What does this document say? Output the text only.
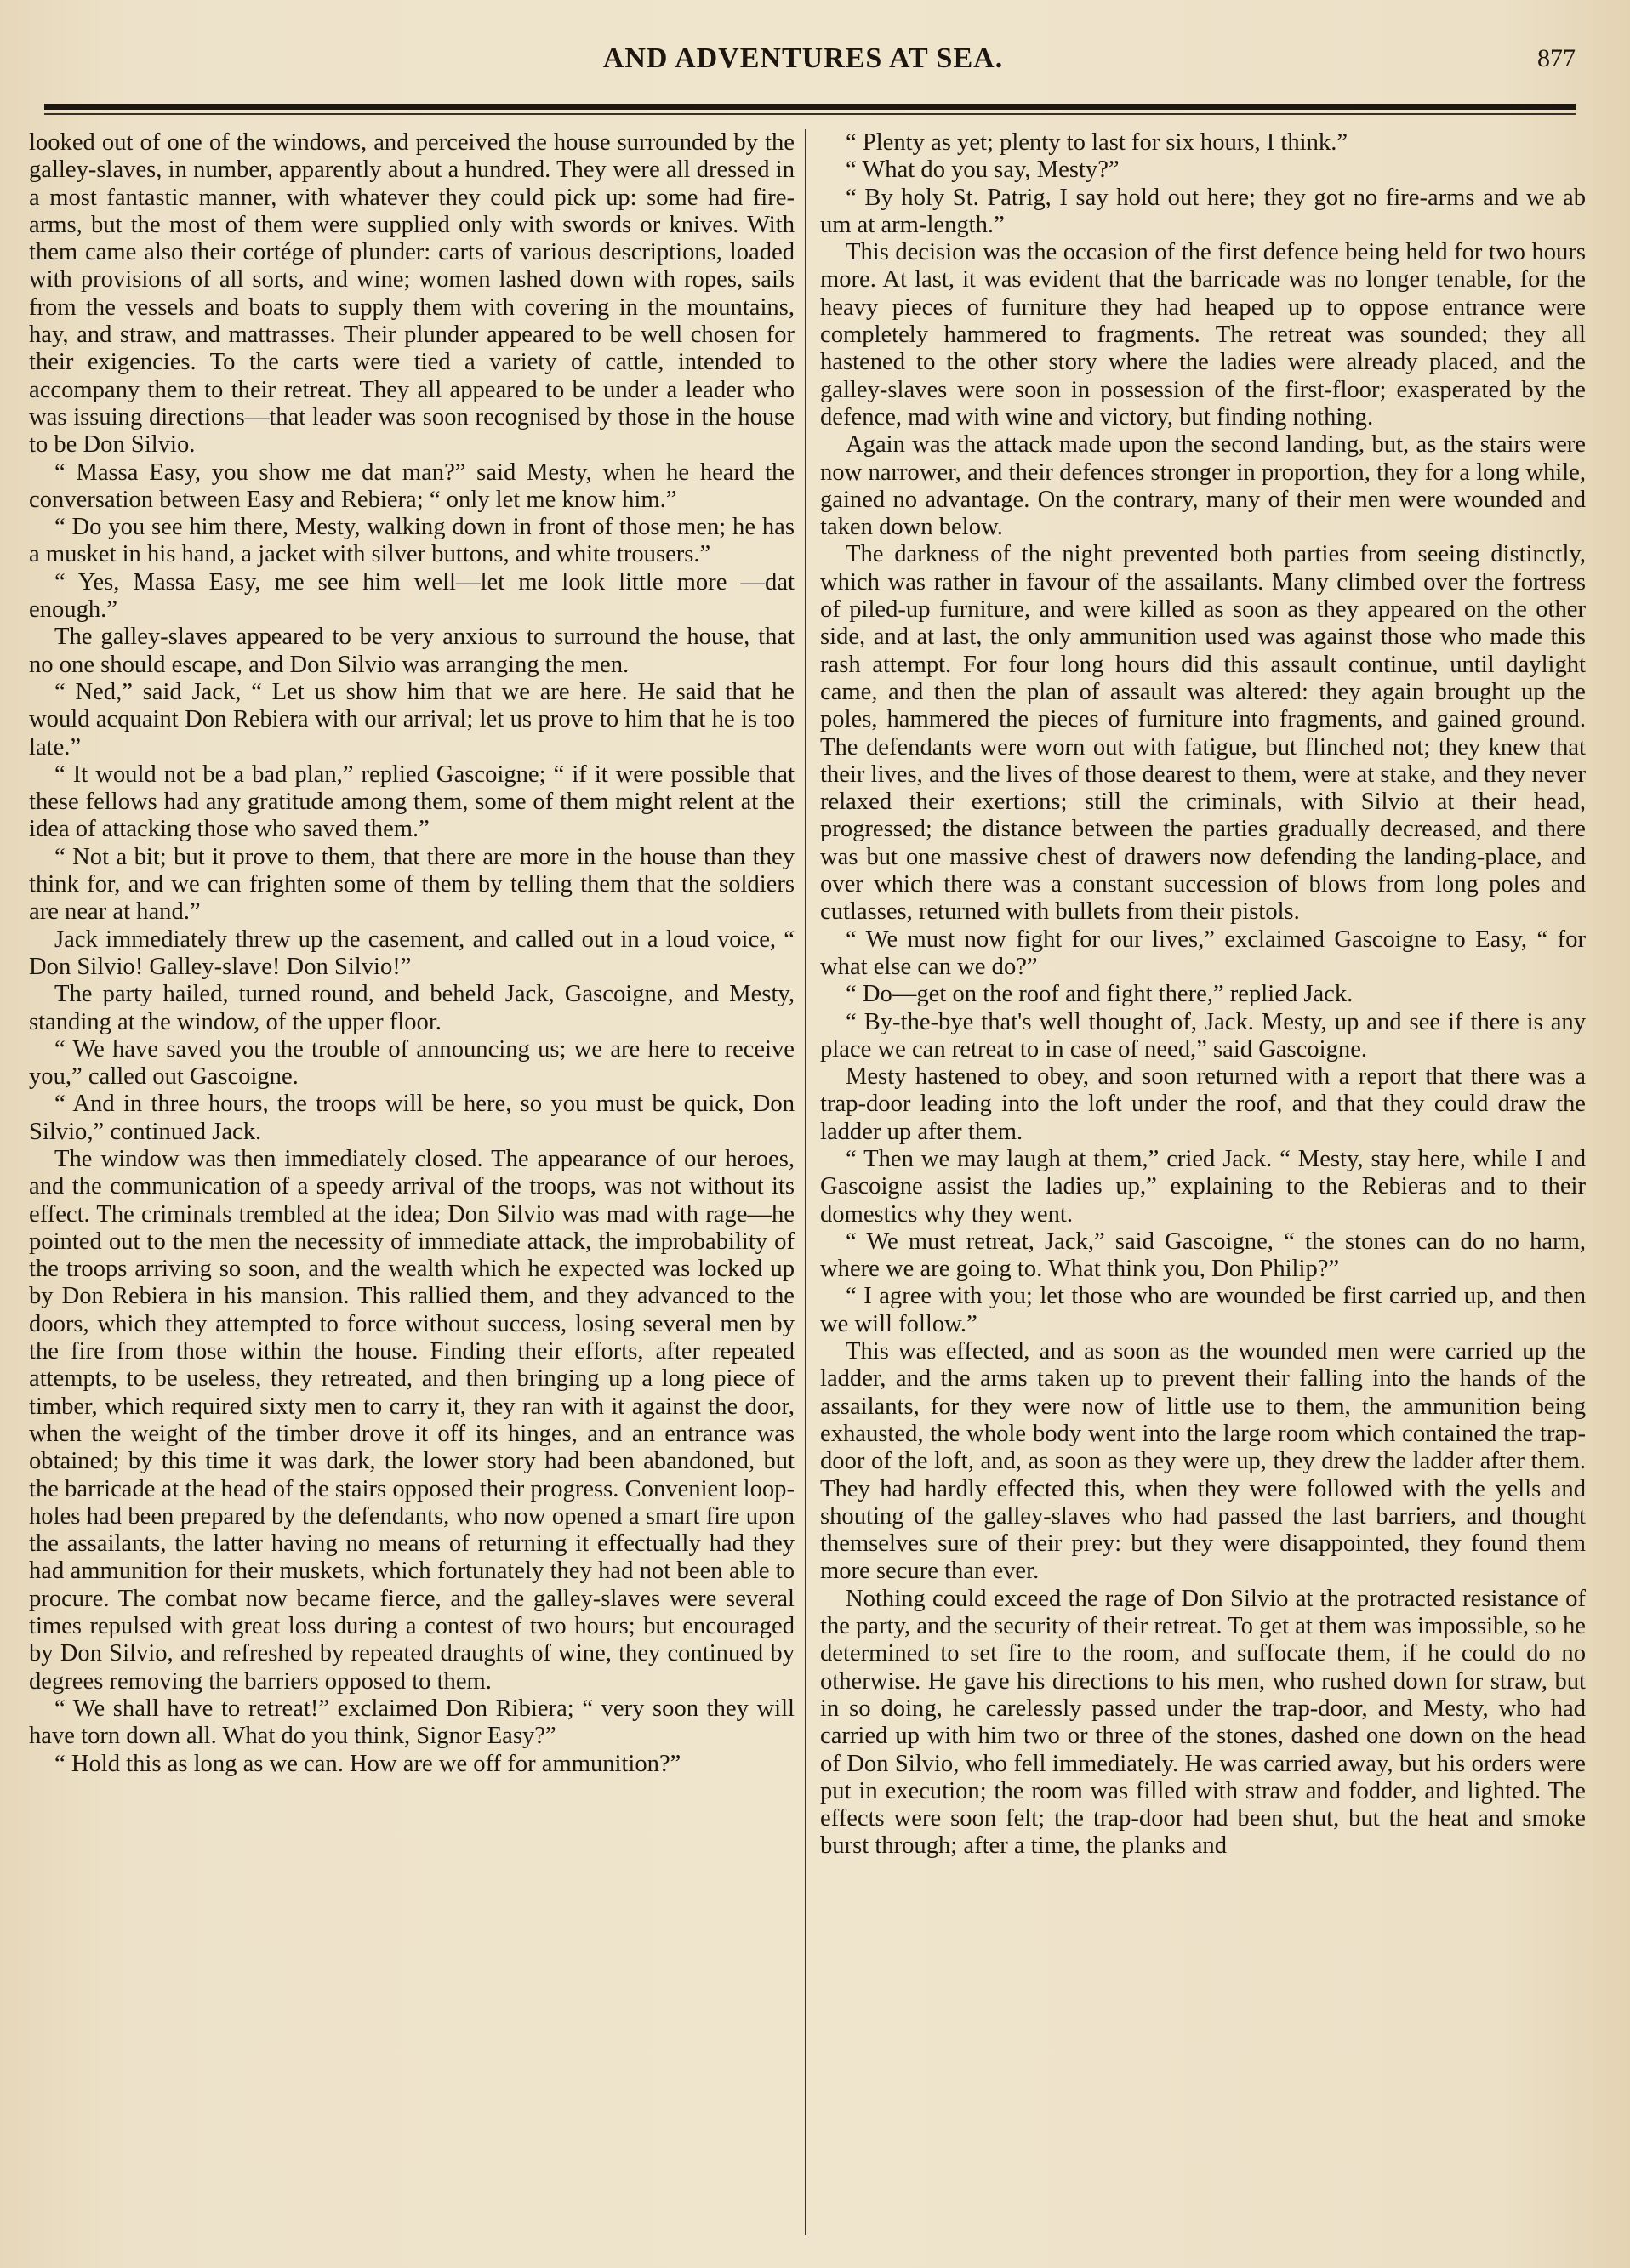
AND ADVENTURES AT SEA.	877

looked out of one of the windows, and perceived the house surrounded by the galley-slaves, in number, apparently about a hundred. They were all dressed in a most fantastic manner, with whatever they could pick up: some had fire-arms, but the most of them were supplied only with swords or knives. With them came also their cortége of plunder: carts of various descriptions, loaded with provisions of all sorts, and wine; women lashed down with ropes, sails from the vessels and boats to supply them with covering in the mountains, hay, and straw, and mattrasses. Their plunder appeared to be well chosen for their exigencies. To the carts were tied a variety of cattle, intended to accompany them to their retreat. They all appeared to be under a leader who was issuing directions—that leader was soon recognised by those in the house to be Don Silvio.

“ Massa Easy, you show me dat man?” said Mesty, when he heard the conversation between Easy and Rebiera; “ only let me know him.”

“ Do you see him there, Mesty, walking down in front of those men; he has a musket in his hand, a jacket with silver buttons, and white trousers.”

“ Yes, Massa Easy, me see him well—let me look little more —dat enough.”

The galley-slaves appeared to be very anxious to surround the house, that no one should escape, and Don Silvio was arranging the men.

“ Ned,” said Jack, “ Let us show him that we are here. He said that he would acquaint Don Rebiera with our arrival; let us prove to him that he is too late.”

“ It would not be a bad plan,” replied Gascoigne; “ if it were possible that these fellows had any gratitude among them, some of them might relent at the idea of attacking those who saved them.”

“ Not a bit; but it prove to them, that there are more in the house than they think for, and we can frighten some of them by telling them that the soldiers are near at hand.”

Jack immediately threw up the casement, and called out in a loud voice, “ Don Silvio! Galley-slave! Don Silvio!”

The party hailed, turned round, and beheld Jack, Gascoigne, and Mesty, standing at the window, of the upper floor.

“ We have saved you the trouble of announcing us; we are here to receive you,” called out Gascoigne.

“ And in three hours, the troops will be here, so you must be quick, Don Silvio,” continued Jack.

The window was then immediately closed. The appearance of our heroes, and the communication of a speedy arrival of the troops, was not without its effect. The criminals trembled at the idea; Don Silvio was mad with rage—he pointed out to the men the necessity of immediate attack, the improbability of the troops arriving so soon, and the wealth which he expected was locked up by Don Rebiera in his mansion. This rallied them, and they advanced to the doors, which they attempted to force without success, losing several men by the fire from those within the house. Finding their efforts, after repeated attempts, to be useless, they retreated, and then bringing up a long piece of timber, which required sixty men to carry it, they ran with it against the door, when the weight of the timber drove it off its hinges, and an entrance was obtained; by this time it was dark, the lower story had been abandoned, but the barricade at the head of the stairs opposed their progress. Convenient loop-holes had been prepared by the defendants, who now opened a smart fire upon the assailants, the latter having no means of returning it effectually had they had ammunition for their muskets, which fortunately they had not been able to procure. The combat now became fierce, and the galley-slaves were several times repulsed with great loss during a contest of two hours; but encouraged by Don Silvio, and refreshed by repeated draughts of wine, they continued by degrees removing the barriers opposed to them.

“ We shall have to retreat!” exclaimed Don Ribiera; “ very soon they will have torn down all. What do you think, Signor Easy?”

“ Hold this as long as we can. How are we off for ammunition?”

“ Plenty as yet; plenty to last for six hours, I think.”

“ What do you say, Mesty?”

“ By holy St. Patrig, I say hold out here; they got no fire-arms and we ab um at arm-length.”

This decision was the occasion of the first defence being held for two hours more. At last, it was evident that the barricade was no longer tenable, for the heavy pieces of furniture they had heaped up to oppose entrance were completely hammered to fragments. The retreat was sounded; they all hastened to the other story where the ladies were already placed, and the galley-slaves were soon in possession of the first-floor; exasperated by the defence, mad with wine and victory, but finding nothing.

Again was the attack made upon the second landing, but, as the stairs were now narrower, and their defences stronger in proportion, they for a long while, gained no advantage. On the contrary, many of their men were wounded and taken down below.

The darkness of the night prevented both parties from seeing distinctly, which was rather in favour of the assailants. Many climbed over the fortress of piled-up furniture, and were killed as soon as they appeared on the other side, and at last, the only ammunition used was against those who made this rash attempt. For four long hours did this assault continue, until daylight came, and then the plan of assault was altered: they again brought up the poles, hammered the pieces of furniture into fragments, and gained ground. The defendants were worn out with fatigue, but flinched not; they knew that their lives, and the lives of those dearest to them, were at stake, and they never relaxed their exertions; still the criminals, with Silvio at their head, progressed; the distance between the parties gradually decreased, and there was but one massive chest of drawers now defending the landing-place, and over which there was a constant succession of blows from long poles and cutlasses, returned with bullets from their pistols.

“ We must now fight for our lives,” exclaimed Gascoigne to Easy, “ for what else can we do?”

“ Do—get on the roof and fight there,” replied Jack.

“ By-the-bye that's well thought of, Jack. Mesty, up and see if there is any place we can retreat to in case of need,” said Gascoigne.

Mesty hastened to obey, and soon returned with a report that there was a trap-door leading into the loft under the roof, and that they could draw the ladder up after them.

“ Then we may laugh at them,” cried Jack. “ Mesty, stay here, while I and Gascoigne assist the ladies up,” explaining to the Rebieras and to their domestics why they went.

“ We must retreat, Jack,” said Gascoigne, “ the stones can do no harm, where we are going to. What think you, Don Philip?”

“ I agree with you; let those who are wounded be first carried up, and then we will follow.”

This was effected, and as soon as the wounded men were carried up the ladder, and the arms taken up to prevent their falling into the hands of the assailants, for they were now of little use to them, the ammunition being exhausted, the whole body went into the large room which contained the trap-door of the loft, and, as soon as they were up, they drew the ladder after them. They had hardly effected this, when they were followed with the yells and shouting of the galley-slaves who had passed the last barriers, and thought themselves sure of their prey: but they were disappointed, they found them more secure than ever.

Nothing could exceed the rage of Don Silvio at the protracted resistance of the party, and the security of their retreat. To get at them was impossible, so he determined to set fire to the room, and suffocate them, if he could do no otherwise. He gave his directions to his men, who rushed down for straw, but in so doing, he carelessly passed under the trap-door, and Mesty, who had carried up with him two or three of the stones, dashed one down on the head of Don Silvio, who fell immediately. He was carried away, but his orders were put in execution; the room was filled with straw and fodder, and lighted. The effects were soon felt; the trap-door had been shut, but the heat and smoke burst through; after a time, the planks and
